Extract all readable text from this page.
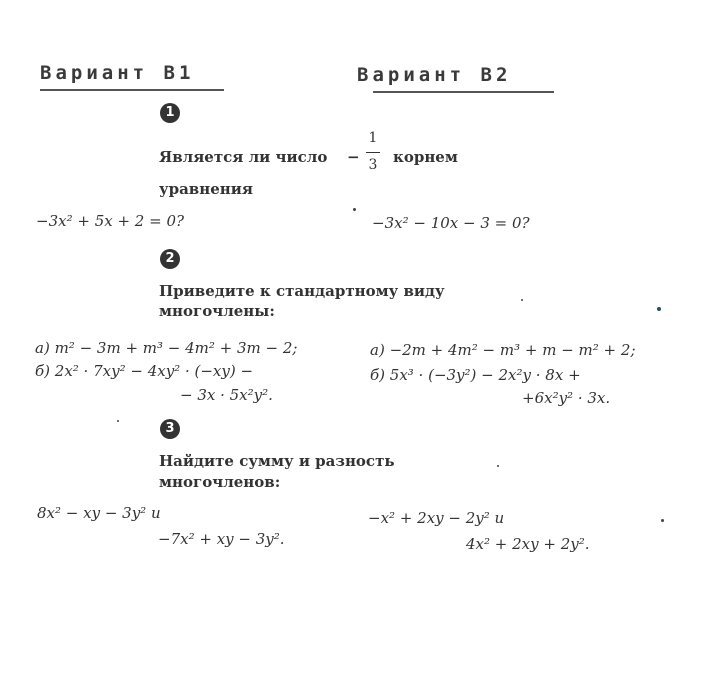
Вариант В1	Вариант В2
1
Является ли число −
1
3 корнем
уравнения
−3x² + 5x + 2 = 0?	−3x² − 10x − 3 = 0?
2
Приведите к стандартному виду
многочлены:
а) m² − 3m + m³ − 4m² + 3m − 2;
б) 2x² · 7xy² − 4xy² · (−xy) −
− 3x · 5x²y².
а) −2m + 4m² − m³ + m − m² + 2;
б) 5x³ · (−3y²) − 2x²y · 8x +
+6x²y² · 3x.
3
Найдите сумму и разность
многочленов:
8x² − xy − 3y² и
−7x² + xy − 3y².
−x² + 2xy − 2y² и
4x² + 2xy + 2y².
